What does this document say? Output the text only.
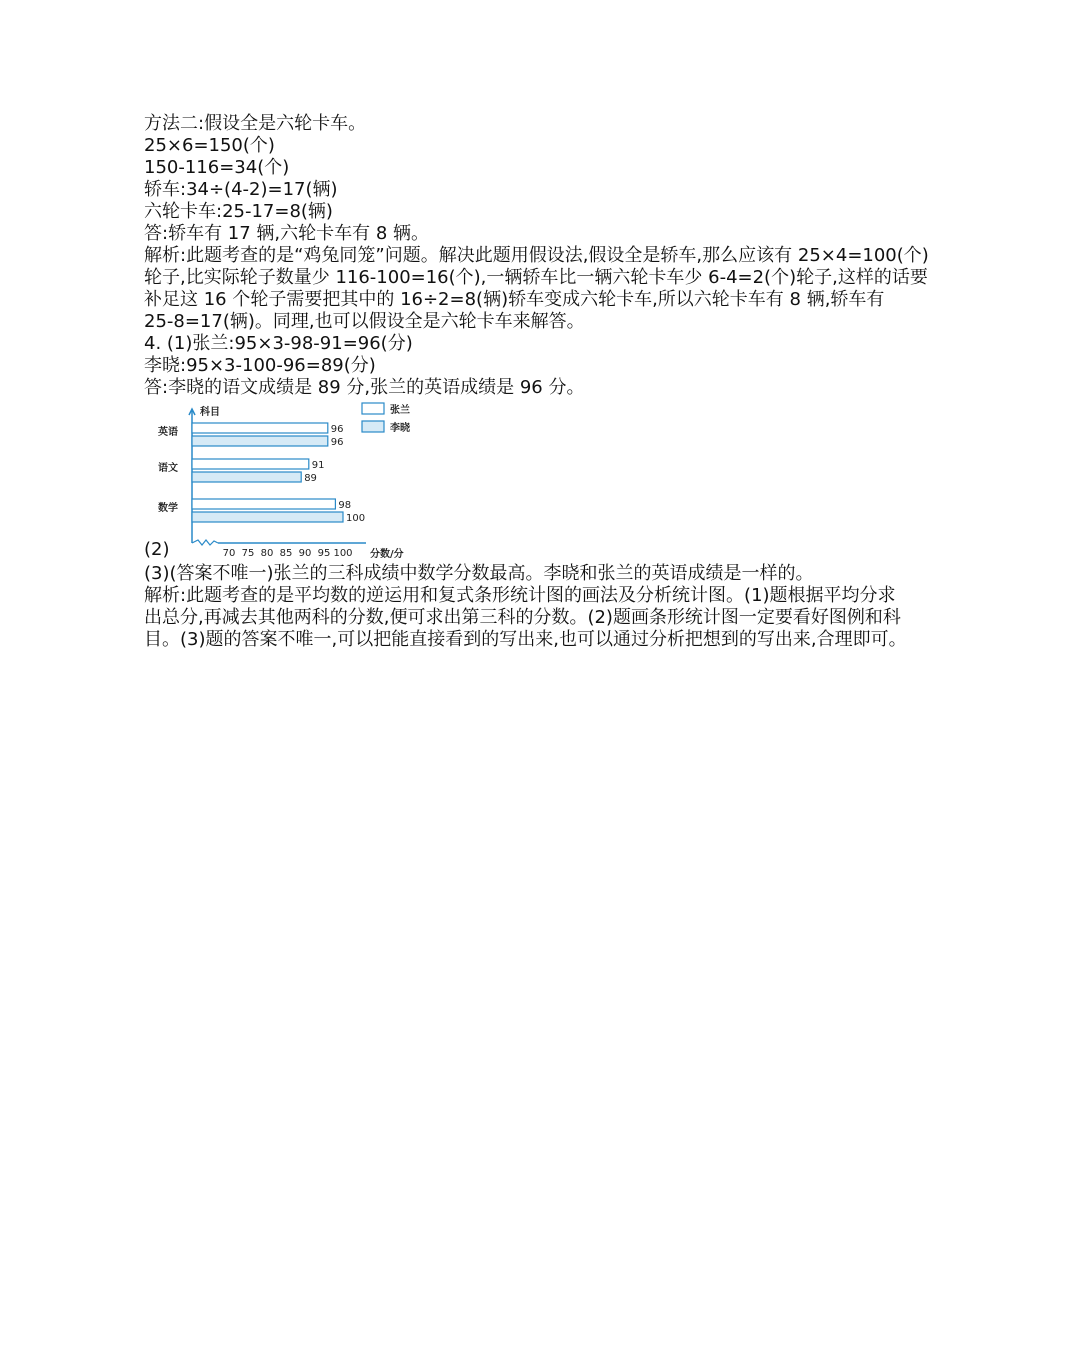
方法二:假设全是六轮卡车。
25×6=150(个)
150-116=34(个)
轿车:34÷(4-2)=17(辆)
六轮卡车:25-17=8(辆)
答:轿车有 17 辆,六轮卡车有 8 辆。
解析:此题考查的是“鸡兔同笼”问题。解决此题用假设法,假设全是轿车,那么应该有 25×4=100(个)
轮子,比实际轮子数量少 116-100=16(个),一辆轿车比一辆六轮卡车少 6-4=2(个)轮子,这样的话要
补足这 16 个轮子需要把其中的 16÷2=8(辆)轿车变成六轮卡车,所以六轮卡车有 8 辆,轿车有
25-8=17(辆)。同理,也可以假设全是六轮卡车来解答。
4. (1)张兰:95×3-98-91=96(分)
李晓:95×3-100-96=89(分)
答:李晓的语文成绩是 89 分,张兰的英语成绩是 96 分。
科目
分数/分
70 75 80 85 90 95 100
英语	96
96
语文	91
89
数学	98
100
张兰
李晓
(2)
(3)(答案不唯一)张兰的三科成绩中数学分数最高。李晓和张兰的英语成绩是一样的。
解析:此题考查的是平均数的逆运用和复式条形统计图的画法及分析统计图。(1)题根据平均分求
出总分,再减去其他两科的分数,便可求出第三科的分数。(2)题画条形统计图一定要看好图例和科
目。(3)题的答案不唯一,可以把能直接看到的写出来,也可以通过分析把想到的写出来,合理即可。
